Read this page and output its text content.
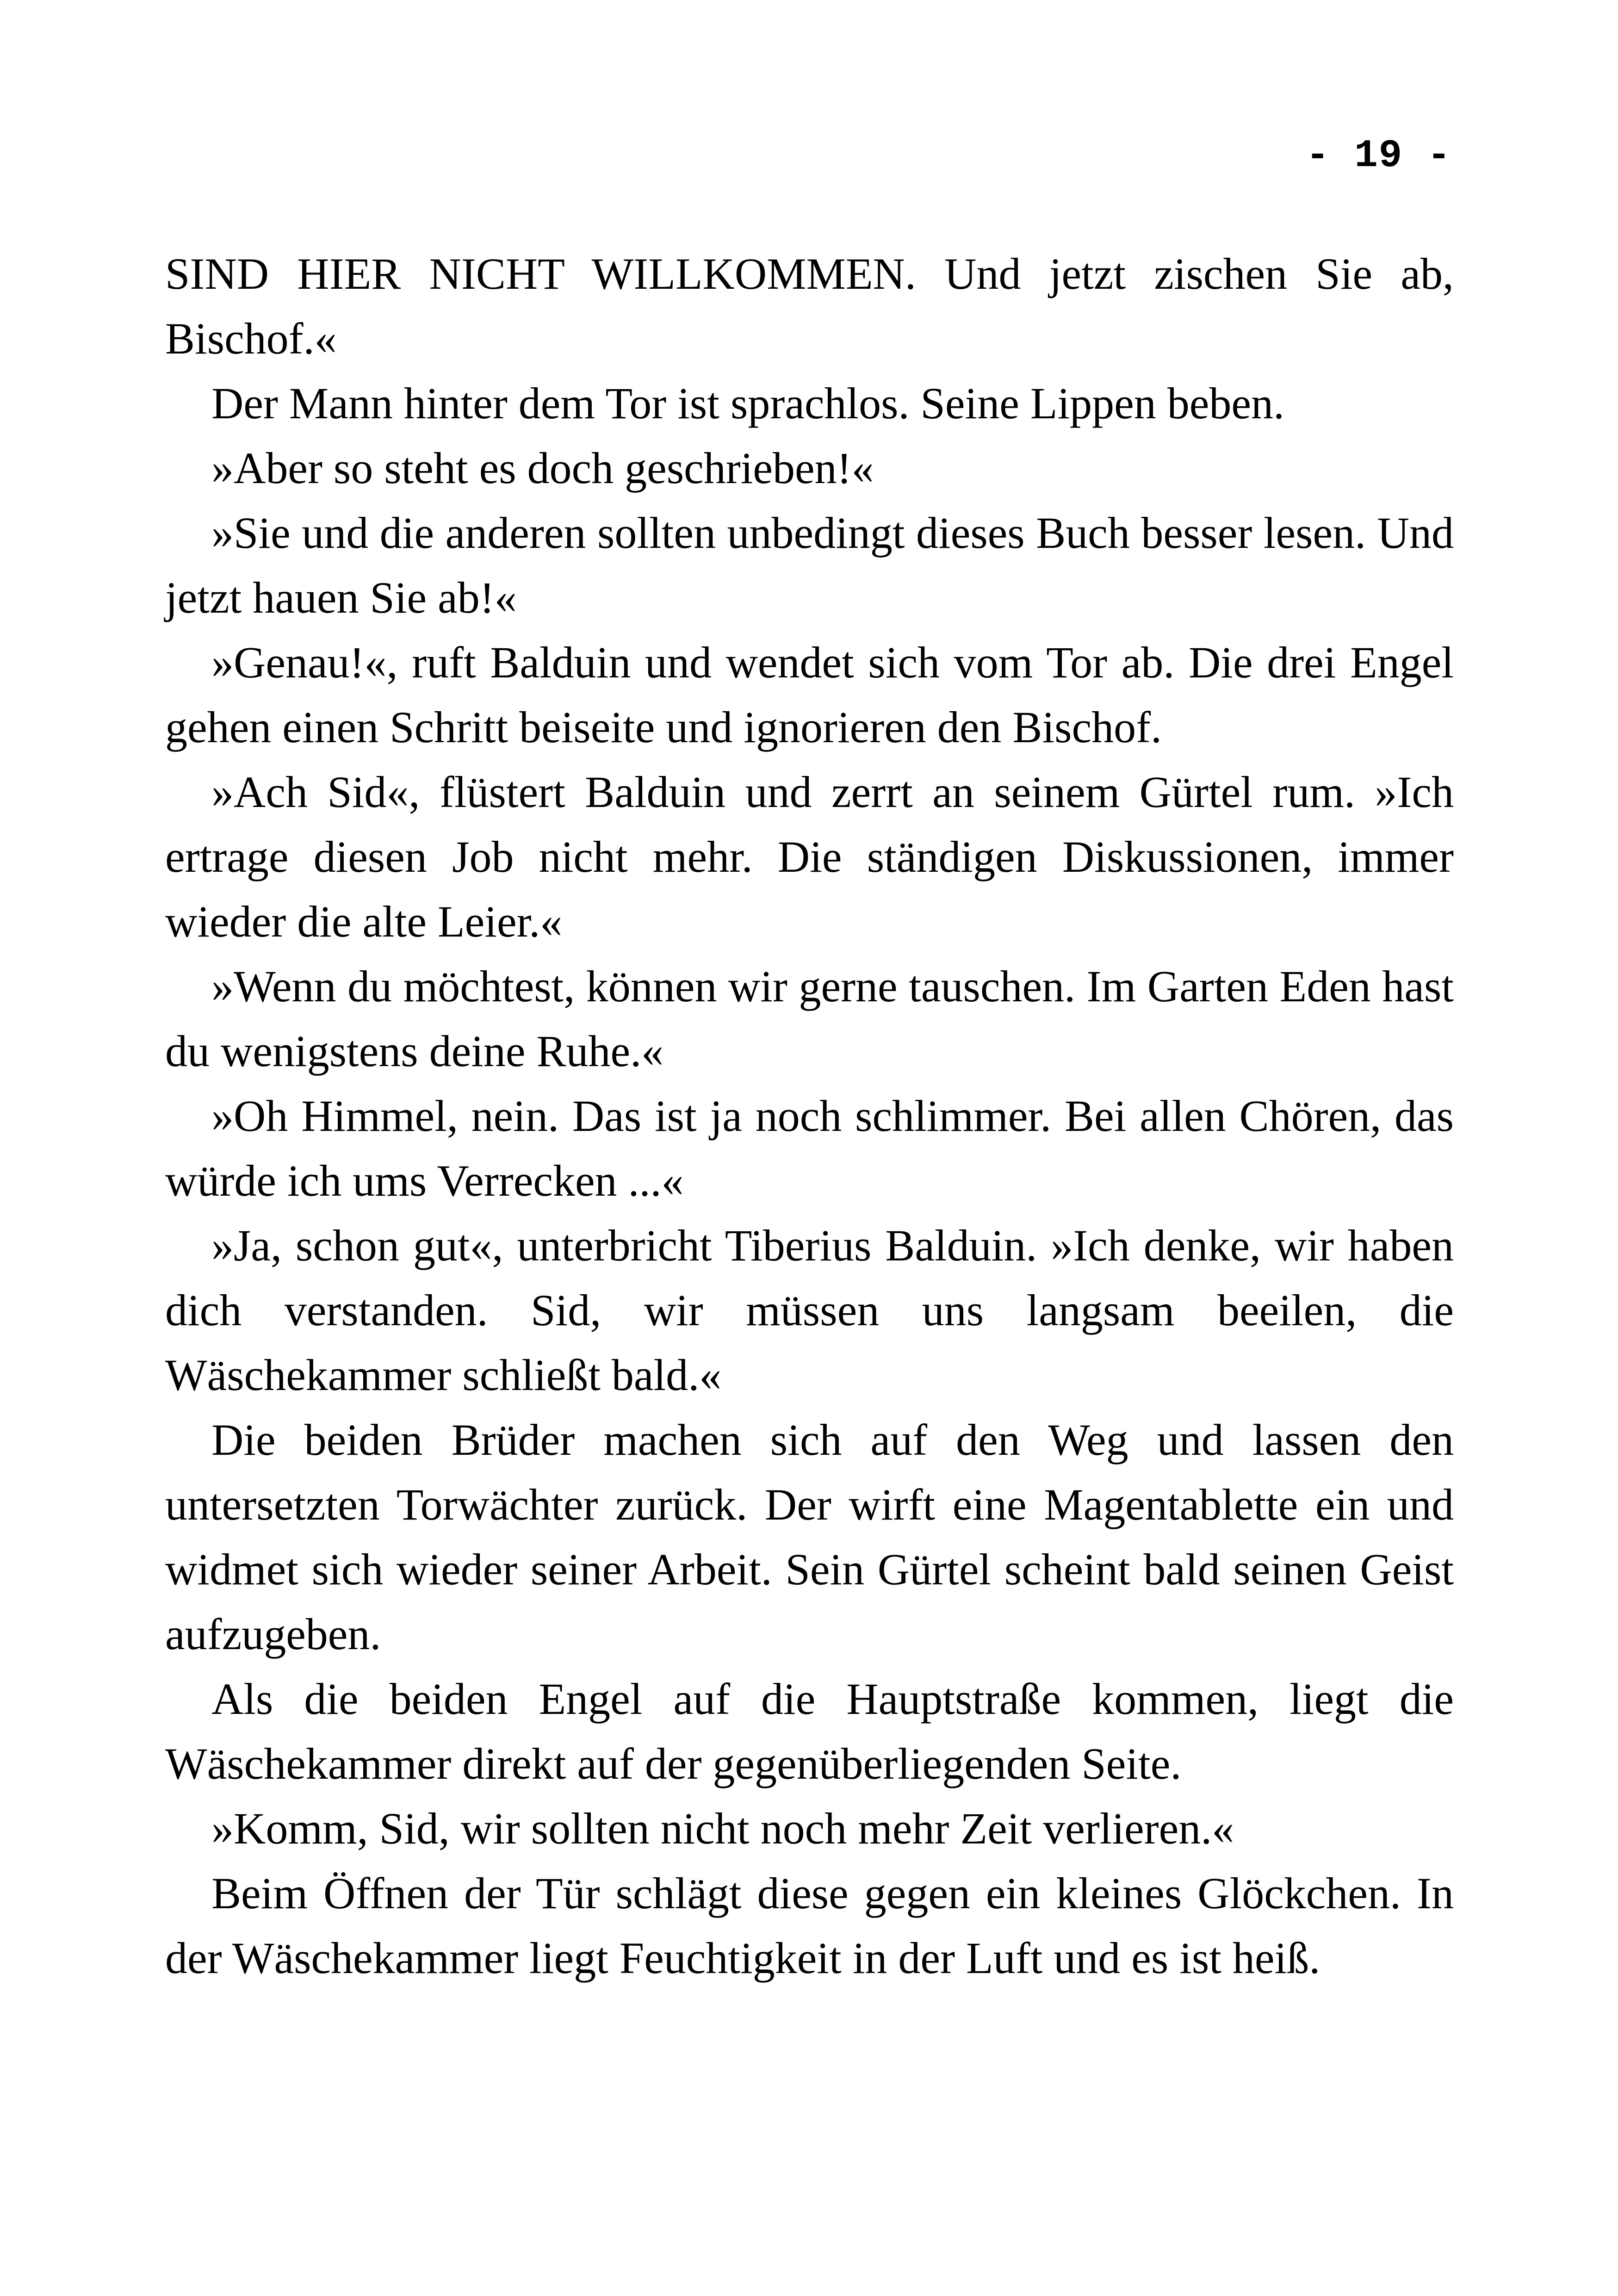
- 19 -

SIND HIER NICHT WILLKOMMEN. Und jetzt zischen Sie ab, Bischof.«

Der Mann hinter dem Tor ist sprachlos. Seine Lippen beben.

»Aber so steht es doch geschrieben!«

»Sie und die anderen sollten unbedingt dieses Buch besser lesen. Und jetzt hauen Sie ab!«

»Genau!«, ruft Balduin und wendet sich vom Tor ab. Die drei Engel gehen einen Schritt beiseite und ignorieren den Bischof.

»Ach Sid«, flüstert Balduin und zerrt an seinem Gürtel rum. »Ich ertrage diesen Job nicht mehr. Die ständigen Diskussionen, immer wieder die alte Leier.«

»Wenn du möchtest, können wir gerne tauschen. Im Garten Eden hast du wenigstens deine Ruhe.«

»Oh Himmel, nein. Das ist ja noch schlimmer. Bei allen Chören, das würde ich ums Verrecken ...«

»Ja, schon gut«, unterbricht Tiberius Balduin. »Ich denke, wir haben dich verstanden. Sid, wir müssen uns langsam beeilen, die Wäschekammer schließt bald.«

Die beiden Brüder machen sich auf den Weg und lassen den untersetzten Torwächter zurück. Der wirft eine Magentablette ein und widmet sich wieder seiner Arbeit. Sein Gürtel scheint bald seinen Geist aufzugeben.

Als die beiden Engel auf die Hauptstraße kommen, liegt die Wäschekammer direkt auf der gegenüberliegenden Seite.

»Komm, Sid, wir sollten nicht noch mehr Zeit verlieren.«

Beim Öffnen der Tür schlägt diese gegen ein kleines Glöckchen. In der Wäschekammer liegt Feuchtigkeit in der Luft und es ist heiß.
